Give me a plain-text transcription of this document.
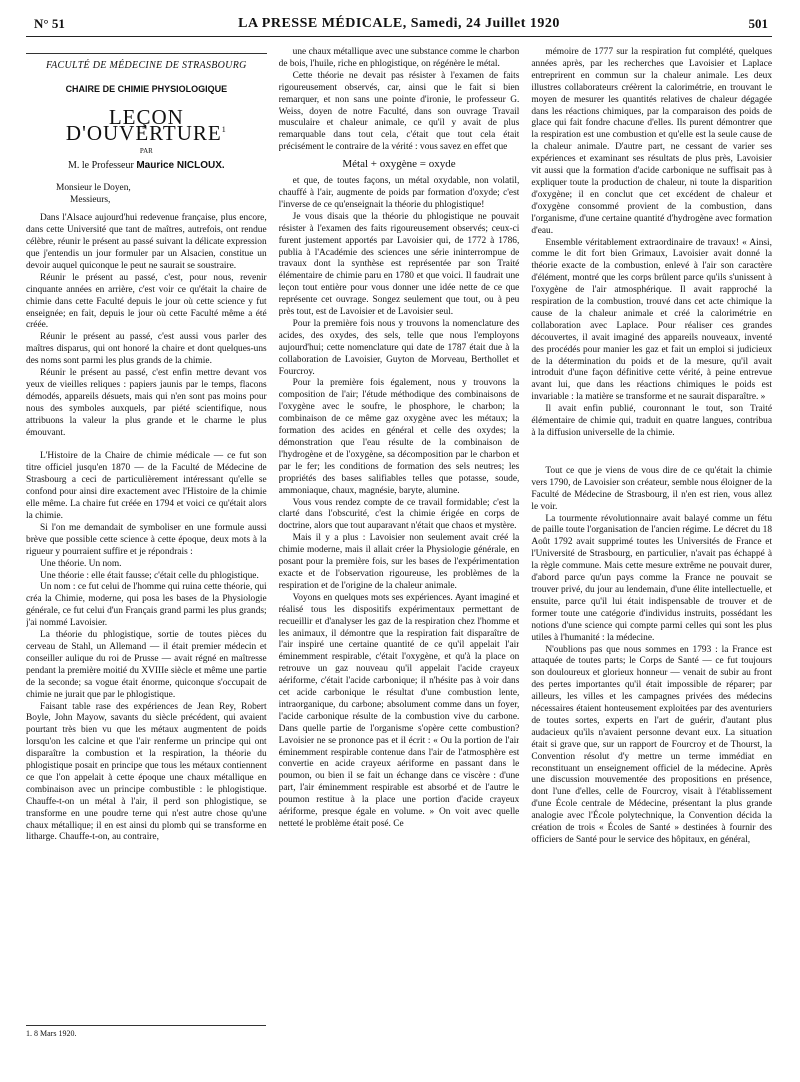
N° 51	LA PRESSE MÉDICALE, Samedi, 24 Juillet 1920	501
FACULTÉ DE MÉDECINE DE STRASBOURG
CHAIRE DE CHIMIE PHYSIOLOGIQUE
LEÇON D'OUVERTURE$^1$
PAR
M. le Professeur Maurice NICLOUX.

Monsieur le Doyen,

Messieurs,

Dans l'Alsace aujourd'hui redevenue française, plus encore, dans cette Université que tant de maîtres, autrefois, ont rendue célèbre, réunir le présent au passé suivant la délicate expression que j'entendis un jour formuler par un Alsacien, constitue un devoir auquel quiconque le peut ne saurait se soustraire.

Réunir le présent au passé, c'est, pour nous, revenir cinquante années en arrière, c'est voir ce qu'était la chaire de chimie dans cette Faculté depuis le jour où cette science y fut enseignée; en fait, depuis le jour où cette Faculté même a été créée.

Réunir le présent au passé, c'est aussi vous parler des maîtres disparus, qui ont honoré la chaire et dont quelques-uns des noms sont parmi les plus grands de la chimie.

Réunir le présent au passé, c'est enfin mettre devant vos yeux de vieilles reliques : papiers jaunis par le temps, flacons démodés, appareils désuets, mais qui n'en sont pas moins pour nous des symboles auxquels, par piété scientifique, nous attribuons la valeur la plus grande et le charme le plus émouvant.

L'Histoire de la Chaire de chimie médicale — ce fut son titre officiel jusqu'en 1870 — de la Faculté de Médecine de Strasbourg a ceci de particulièrement intéressant qu'elle se confond pour ainsi dire exactement avec l'Histoire de la chimie elle même. La chaire fut créée en 1794 et voici ce qu'était alors la chimie.

Si l'on me demandait de symboliser en une formule aussi brève que possible cette science à cette époque, deux mots à la rigueur y pourraient suffire et je répondrais :

Une théorie. Un nom.

Une théorie : elle était fausse; c'était celle du phlogistique.

Un nom : ce fut celui de l'homme qui ruina cette théorie, qui créa la Chimie, moderne, qui posa les bases de la Physiologie générale, ce fut celui d'un Français grand parmi les plus grands; j'ai nommé Lavoisier.

La théorie du phlogistique, sortie de toutes pièces du cerveau de Stahl, un Allemand — il était premier médecin et conseiller aulique du roi de Prusse — avait régné en maîtresse pendant la première moitié du XVIIIe siècle et même une partie de la seconde; sa vogue était énorme, quiconque s'occupait de chimie ne jurait que par le phlogistique.

Faisant table rase des expériences de Jean Rey, Robert Boyle, John Mayow, savants du siècle précédent, qui avaient pourtant très bien vu que les métaux augmentent de poids lorsqu'on les calcine et que l'air renferme un principe qui ont disparaître la combustion et la respiration, la théorie du phlogistique posait en principe que tous les métaux contiennent ce que l'on appelait à cette époque une chaux métallique en combinaison avec un principe combustible : le phlogistique. Chauffe-t-on un métal à l'air, il perd son phlogistique, se transforme en une poudre terne qui n'est autre chose qu'une chaux métallique; il en est ainsi du plomb qui se transforme en litharge. Chauffe-t-on, au contraire,

une chaux métallique avec une substance comme le charbon de bois, l'huile, riche en phlogistique, on régénère le métal.

Cette théorie ne devait pas résister à l'examen de faits rigoureusement observés, car, ainsi que le fait si bien remarquer, et non sans une pointe d'ironie, le professeur G. Weiss, doyen de notre Faculté, dans son ouvrage Travail musculaire et chaleur animale, ce qu'il y avait de plus remarquable dans tout cela, c'était que tout cela était précisément le contraire de la vérité : vous savez en effet que

Métal + oxygène = oxyde

et que, de toutes façons, un métal oxydable, non volatil, chauffé à l'air, augmente de poids par formation d'oxyde; c'est l'inverse de ce qu'enseignait la théorie du phlogistique!

Je vous disais que la théorie du phlogistique ne pouvait résister à l'examen des faits rigoureusement observés; ceux-ci furent justement apportés par Lavoisier qui, de 1772 à 1786, publia à l'Académie des sciences une série ininterrompue de travaux dont la synthèse est représentée par son Traité élémentaire de chimie paru en 1780 et que voici. Il faudrait une leçon tout entière pour vous donner une idée nette de ce que représente cet ouvrage. Songez seulement que tout, ou à peu près tout, est de Lavoisier et de Lavoisier seul.

Pour la première fois nous y trouvons la nomenclature des acides, des oxydes, des sels, telle que nous l'employons aujourd'hui; cette nomenclature qui date de 1787 était due à la collaboration de Lavoisier, Guyton de Morveau, Berthollet et Fourcroy.

Pour la première fois également, nous y trouvons la composition de l'air; l'étude méthodique des combinaisons de l'oxygène avec le soufre, le phosphore, le charbon; la combinaison de ce même gaz oxygène avec les métaux; la formation des acides en général et celle des oxydes; la démonstration que l'eau résulte de la combinaison de l'hydrogène et de l'oxygène, sa décomposition par le charbon et par le fer; les conditions de formation des sels neutres; les propriétés des bases salifiables telles que potasse, soude, ammoniaque, chaux, magnésie, baryte, alumine.

Vous vous rendez compte de ce travail formidable; c'est la clarté dans l'obscurité, c'est la chimie érigée en corps de doctrine, alors que tout auparavant n'était que chaos et mystère.

Mais il y a plus : Lavoisier non seulement avait créé la chimie moderne, mais il allait créer la Physiologie générale, en posant pour la première fois, sur les bases de l'expérimentation exacte et de l'observation rigoureuse, les problèmes de la respiration et de l'origine de la chaleur animale.

Voyons en quelques mots ses expériences. Ayant imaginé et réalisé tous les dispositifs expérimentaux permettant de recueillir et d'analyser les gaz de la respiration chez l'homme et les animaux, il démontre que la respiration fait disparaître de l'air inspiré une certaine quantité de ce qu'il appelait l'air éminemment respirable, c'était l'oxygène, et qu'à la place on retrouve un gaz nouveau qu'il appelait l'acide crayeux aériforme, c'était l'acide carbonique; il n'hésite pas à voir dans cet acide carbonique le résultat d'une combustion lente, intraorganique, du carbone; absolument comme dans un foyer, l'acide carbonique résulte de la combustion vive du carbone. Dans quelle partie de l'organisme s'opère cette combustion? Lavoisier ne se prononce pas et il écrit : « Ou la portion de l'air éminemment respirable contenue dans l'air de l'atmosphère est convertie en acide crayeux aériforme en passant dans le poumon, ou bien il se fait un échange dans ce viscère : d'une part, l'air éminemment respirable est absorbé et de l'autre le poumon restitue à la place une portion d'acide crayeux aériforme, presque égale en volume. » On voit avec quelle netteté le problème était posé. Ce

mémoire de 1777 sur la respiration fut complété, quelques années après, par les recherches que Lavoisier et Laplace entreprirent en commun sur la chaleur animale. Les deux illustres collaborateurs créèrent la calorimétrie, en trouvant le moyen de mesurer les quantités relatives de chaleur dégagée dans les réactions chimiques, par la comparaison des poids de glace qui fait fondre chacune d'elles. Ils purent démontrer que la respiration est une combustion et qu'elle est la seule cause de la chaleur animale. D'autre part, ne cessant de varier ses expériences et examinant ses résultats de plus près, Lavoisier vit aussi que la formation d'acide carbonique ne suffisait pas à expliquer toute la production de chaleur, ni toute la disparition d'oxygène; il en conclut que cet excédent de chaleur et d'oxygène consommé provient de la combustion, dans l'organisme, d'une certaine quantité d'hydrogène avec formation d'eau.

Ensemble véritablement extraordinaire de travaux! « Ainsi, comme le dit fort bien Grimaux, Lavoisier avait donné la théorie exacte de la combustion, enlevé à l'air son caractère d'élément, montré que les corps brûlent parce qu'ils s'unissent à l'oxygène de l'air atmosphérique. Il avait rapproché la respiration de la combustion, trouvé dans cet acte chimique la cause de la chaleur animale et créé la calorimétrie en collaboration avec Laplace. Pour réaliser ces grandes découvertes, il avait imaginé des appareils nouveaux, inventé des procédés pour manier les gaz et fait un emploi si judicieux de la détermination du poids et de la mesure, qu'il avait introduit d'une façon définitive cette vérité, à peine entrevue avant lui, que dans les réactions chimiques le poids est invariable : la matière se transforme et ne saurait disparaître. »

Il avait enfin publié, couronnant le tout, son Traité élémentaire de chimie qui, traduit en quatre langues, contribua à la diffusion universelle de la chimie.

Tout ce que je viens de vous dire de ce qu'était la chimie vers 1790, de Lavoisier son créateur, semble nous éloigner de la Faculté de Médecine de Strasbourg, il n'en est rien, vous allez le voir.

La tourmente révolutionnaire avait balayé comme un fétu de paille toute l'organisation de l'ancien régime. Le décret du 18 Août 1792 avait supprimé toutes les Universités de France et l'Université de Strasbourg, en particulier, n'avait pas échappé à la règle commune. Mais cette mesure extrême ne pouvait durer, d'abord parce qu'un pays comme la France ne pouvait se trouver privé, du jour au lendemain, d'une élite intellectuelle, et ensuite, parce qu'il lui était indispensable de trouver et de former toute une catégorie d'individus instruits, possédant les notions d'une science qui compte parmi celles qui sont les plus utiles à l'humanité : la médecine.

N'oublions pas que nous sommes en 1793 : la France est attaquée de toutes parts; le Corps de Santé — ce fut toujours son douloureux et glorieux honneur — venait de subir au front des pertes importantes qu'il était impossible de réparer; par ailleurs, les villes et les campagnes privées des médecins nécessaires étaient honteusement exploitées par des aventuriers de toutes sortes, experts en l'art de guérir, d'autant plus audacieux qu'ils n'avaient personne devant eux. La situation était si grave que, sur un rapport de Fourcroy et de Thourst, la Convention résolut d'y mettre un terme immédiat en reconstituant un enseignement officiel de la médecine. Après une discussion mouvementée des propositions en présence, dont l'une d'elles, celle de Fourcroy, visait à l'établissement d'une École centrale de Médecine, présentant la plus grande analogie avec l'École polytechnique, la Convention décida la création de trois « Écoles de Santé » destinées à fournir des officiers de Santé pour le service des hôpitaux, en général,

1. 8 Mars 1920.
